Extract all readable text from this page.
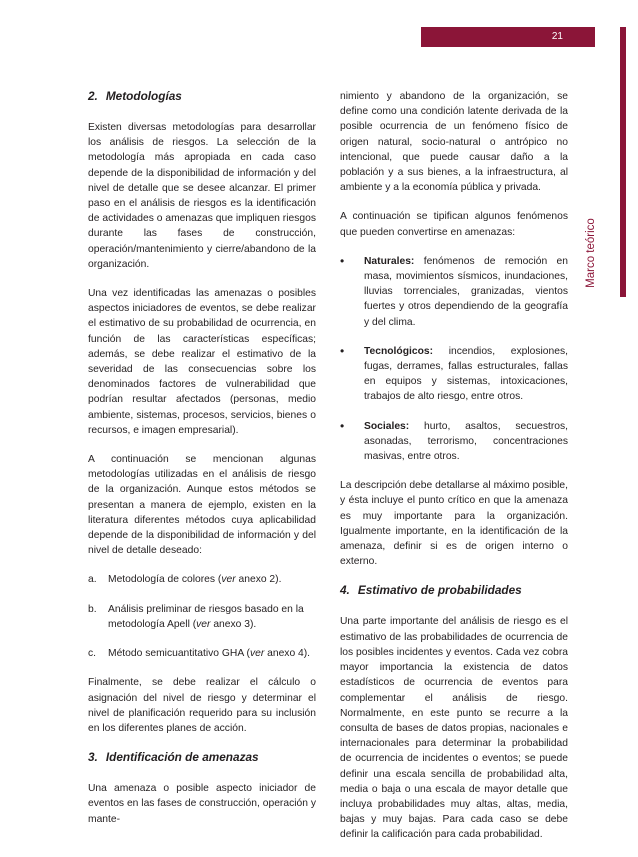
21
Marco teórico
2. Metodologías

Existen diversas metodologías para desarrollar los análisis de riesgos. La selección de la metodología más apropiada en cada caso depende de la disponibilidad de información y del nivel de detalle que se desee alcanzar. El primer paso en el análisis de riesgos es la identificación de actividades o amenazas que impliquen riesgos durante las fases de construcción, operación/mantenimiento y cierre/abandono de la organización.

Una vez identificadas las amenazas o posibles aspectos iniciadores de eventos, se debe realizar el estimativo de su probabilidad de ocurrencia, en función de las características específicas; además, se debe realizar el estimativo de la severidad de las consecuencias sobre los denominados factores de vulnerabilidad que podrían resultar afectados (personas, medio ambiente, sistemas, procesos, servicios, bienes o recursos, e imagen empresarial).

A continuación se mencionan algunas metodologías utilizadas en el análisis de riesgo de la organización. Aunque estos métodos se presentan a manera de ejemplo, existen en la literatura diferentes métodos cuya aplicabilidad depende de la disponibilidad de información y del nivel de detalle deseado:

a.	Metodología de colores (ver anexo 2).
b.	Análisis preliminar de riesgos basado en la metodología Apell (ver anexo 3).
c.	Método semicuantitativo GHA (ver anexo 4).

Finalmente, se debe realizar el cálculo o asignación del nivel de riesgo y determinar el nivel de planificación requerido para su inclusión en los diferentes planes de acción.

3. Identificación de amenazas

Una amenaza o posible aspecto iniciador de eventos en las fases de construcción, operación y mante-

nimiento y abandono de la organización, se define como una condición latente derivada de la posible ocurrencia de un fenómeno físico de origen natural, socio-natural o antrópico no intencional, que puede causar daño a la población y a sus bienes, a la infraestructura, al ambiente y a la economía pública y privada.

A continuación se tipifican algunos fenómenos que pueden convertirse en amenazas:

•	Naturales: fenómenos de remoción en masa, movimientos sísmicos, inundaciones, lluvias torrenciales, granizadas, vientos fuertes y otros dependiendo de la geografía y del clima.
•	Tecnológicos: incendios, explosiones, fugas, derrames, fallas estructurales, fallas en equipos y sistemas, intoxicaciones, trabajos de alto riesgo, entre otros.
•	Sociales: hurto, asaltos, secuestros, asonadas, terrorismo, concentraciones masivas, entre otros.

La descripción debe detallarse al máximo posible, y ésta incluye el punto crítico en que la amenaza es muy importante para la organización. Igualmente importante, en la identificación de la amenaza, definir si es de origen interno o externo.

4. Estimativo de probabilidades

Una parte importante del análisis de riesgo es el estimativo de las probabilidades de ocurrencia de los posibles incidentes y eventos. Cada vez cobra mayor importancia la existencia de datos estadísticos de ocurrencia de eventos para complementar el análisis de riesgo. Normalmente, en este punto se recurre a la consulta de bases de datos propias, nacionales e internacionales para determinar la probabilidad de ocurrencia de incidentes o eventos; se puede definir una escala sencilla de probabilidad alta, media o baja o una escala de mayor detalle que incluya probabilidades muy altas, altas, media, bajas y muy bajas. Para cada caso se debe definir la calificación para cada probabilidad.
